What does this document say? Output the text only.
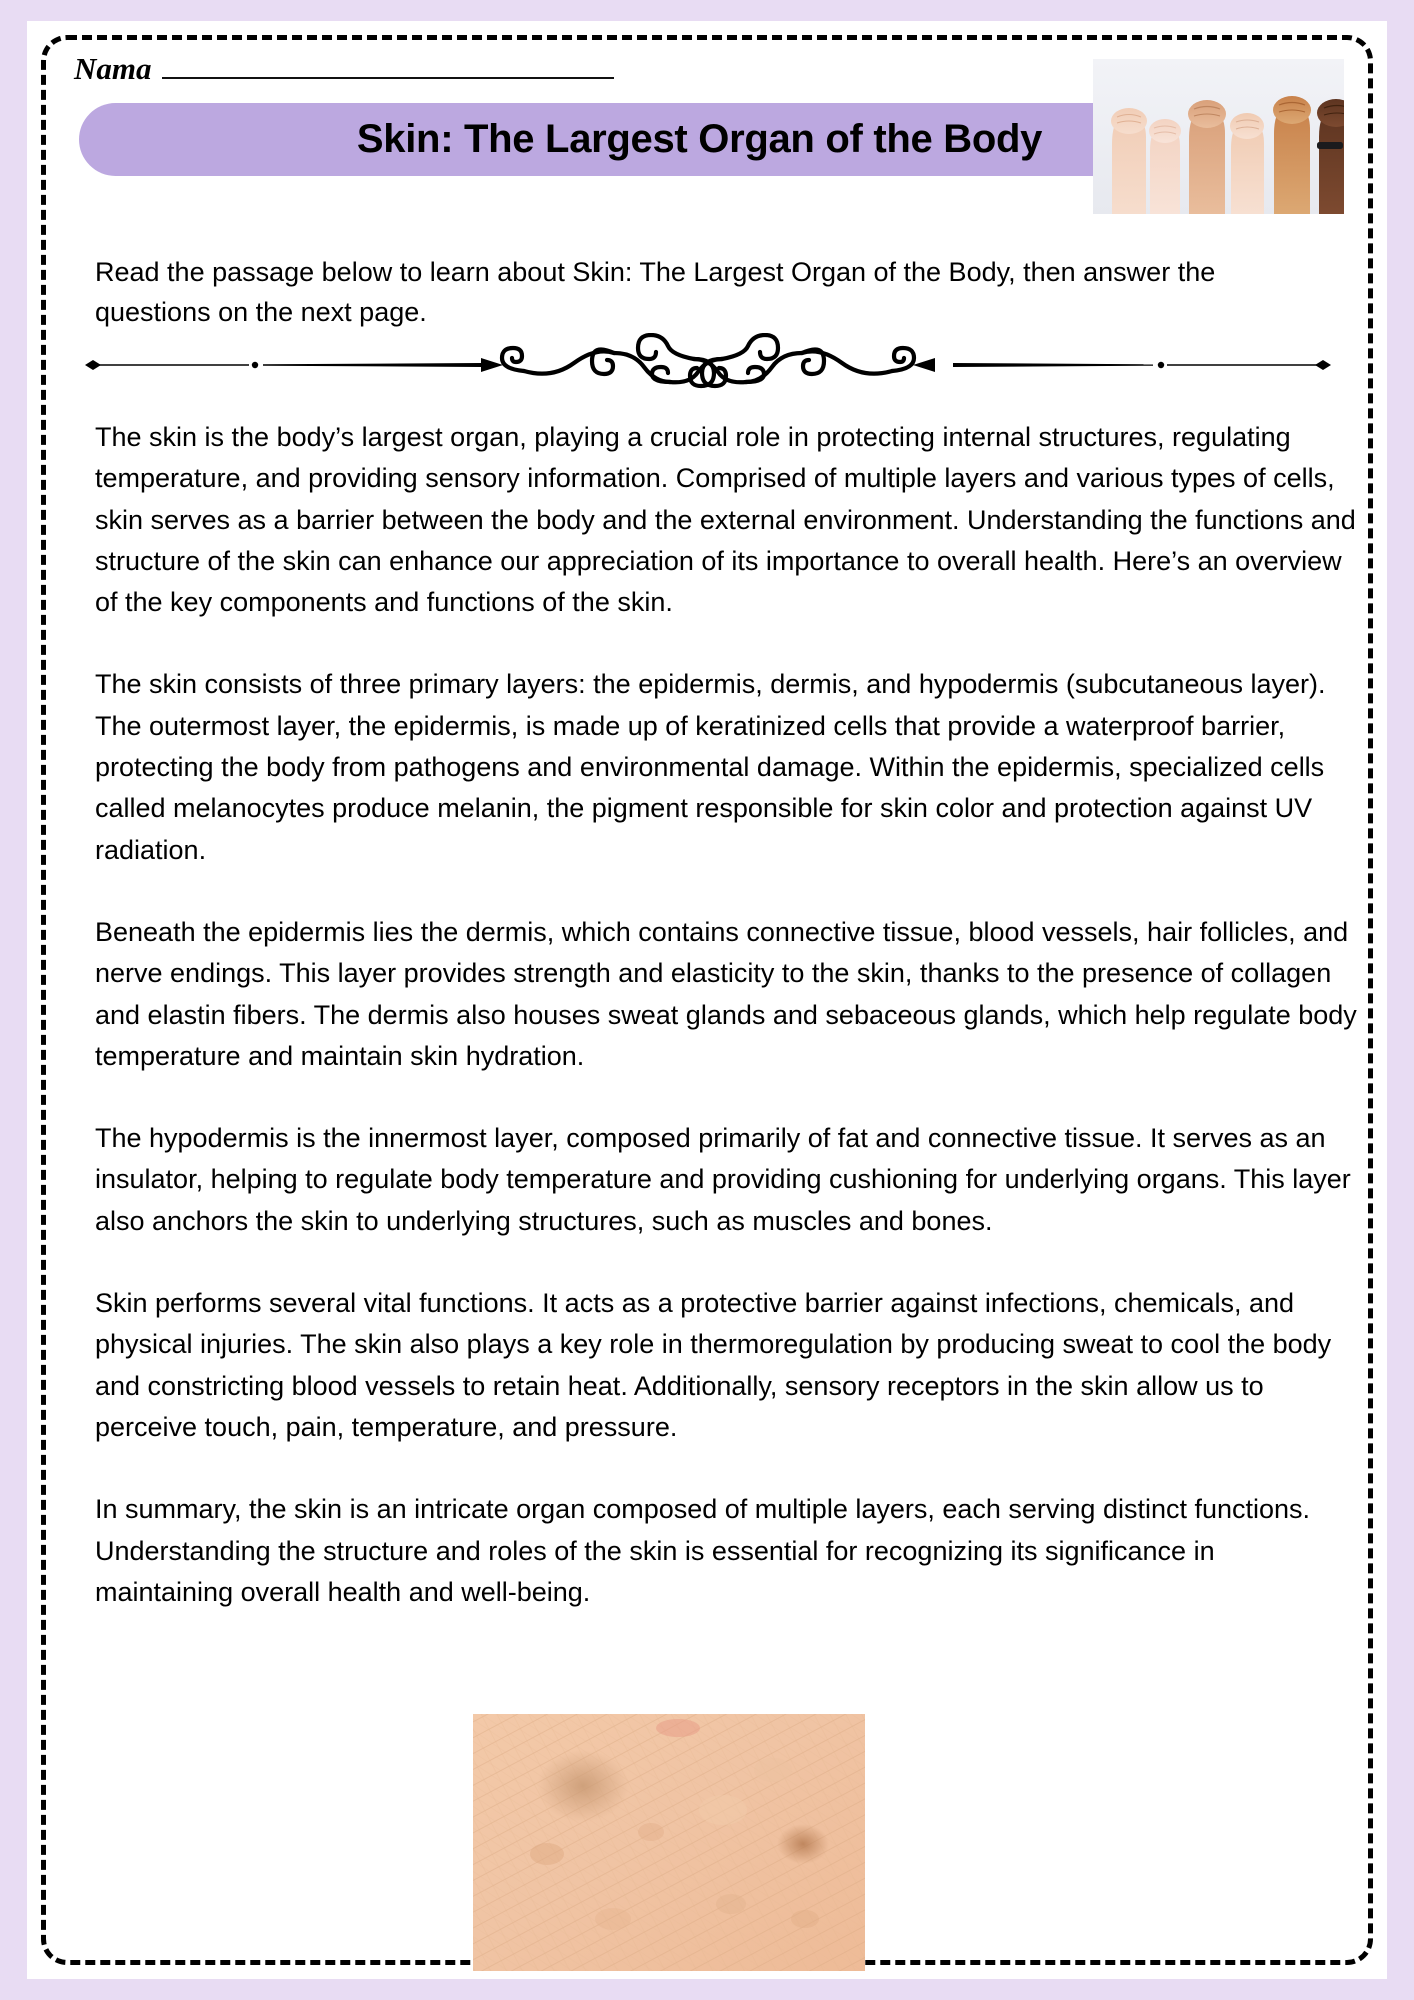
Nama
Skin: The Largest Organ of the Body
Read the passage below to learn about Skin: The Largest Organ of the Body, then answer the questions on the next page.

The skin is the body’s largest organ, playing a crucial role in protecting internal structures, regulating temperature, and providing sensory information. Comprised of multiple layers and various types of cells, skin serves as a barrier between the body and the external environment. Understanding the functions and structure of the skin can enhance our appreciation of its importance to overall health. Here’s an overview of the key components and functions of the skin.

The skin consists of three primary layers: the epidermis, dermis, and hypodermis (subcutaneous layer). The outermost layer, the epidermis, is made up of keratinized cells that provide a waterproof barrier, protecting the body from pathogens and environmental damage. Within the epidermis, specialized cells called melanocytes produce melanin, the pigment responsible for skin color and protection against UV radiation.

Beneath the epidermis lies the dermis, which contains connective tissue, blood vessels, hair follicles, and nerve endings. This layer provides strength and elasticity to the skin, thanks to the presence of collagen and elastin fibers. The dermis also houses sweat glands and sebaceous glands, which help regulate body temperature and maintain skin hydration.

The hypodermis is the innermost layer, composed primarily of fat and connective tissue. It serves as an insulator, helping to regulate body temperature and providing cushioning for underlying organs. This layer also anchors the skin to underlying structures, such as muscles and bones.

Skin performs several vital functions. It acts as a protective barrier against infections, chemicals, and physical injuries. The skin also plays a key role in thermoregulation by producing sweat to cool the body and constricting blood vessels to retain heat. Additionally, sensory receptors in the skin allow us to perceive touch, pain, temperature, and pressure.

In summary, the skin is an intricate organ composed of multiple layers, each serving distinct functions. Understanding the structure and roles of the skin is essential for recognizing its significance in maintaining overall health and well-being.
